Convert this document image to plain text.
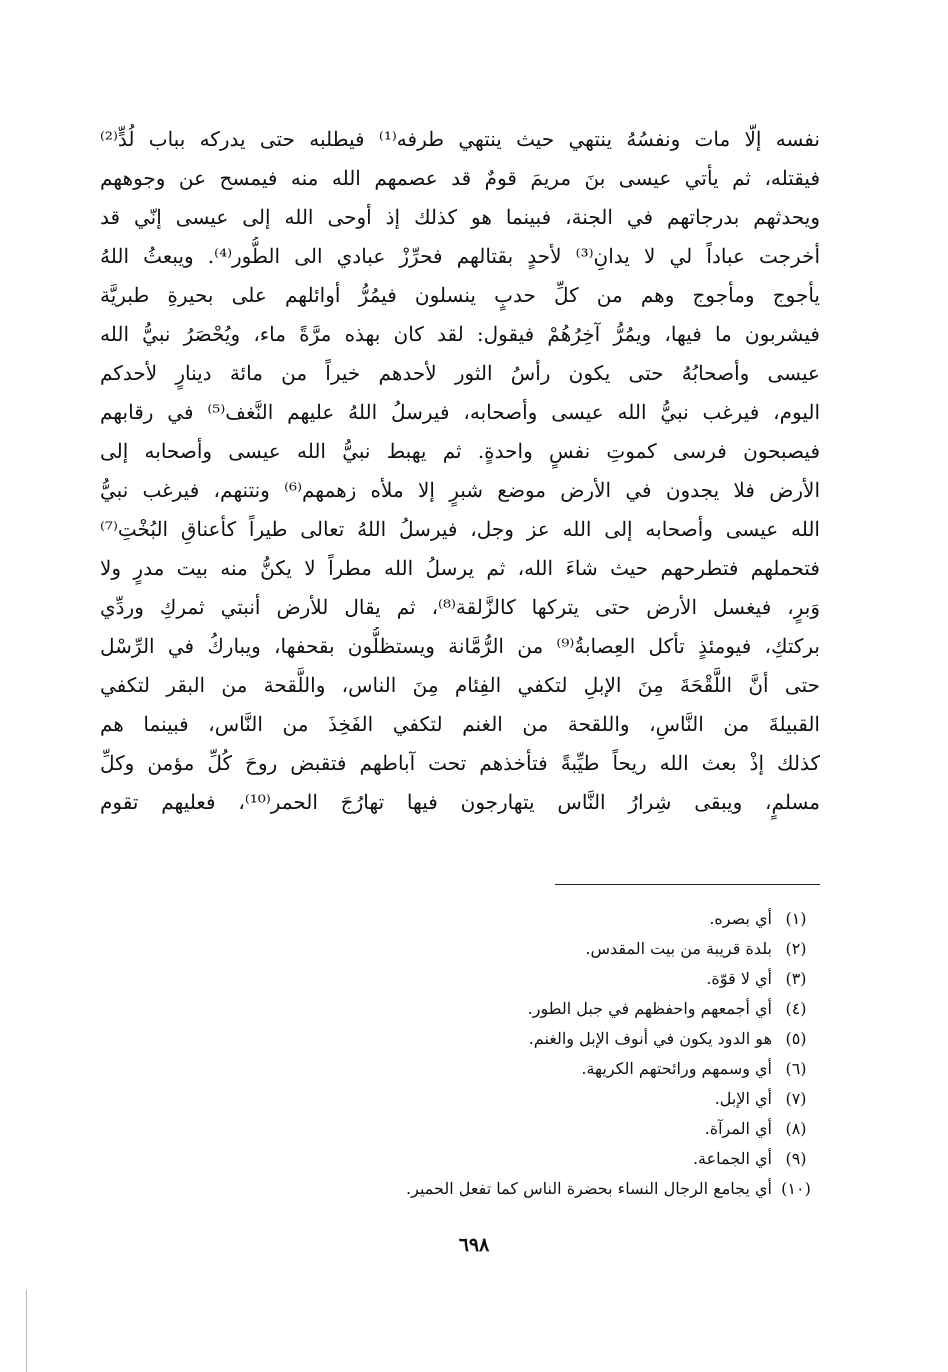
نفسه إلّا مات ونفسُهُ ينتهي حيث ينتهي طرفه⁽¹⁾ فيطلبه حتى يدركه بباب لُدٍّ⁽²⁾
فيقتله، ثم يأتي عيسى بنَ مريمَ قومٌ قد عصمهم الله منه فيمسح عن وجوههم
ويحدثهم بدرجاتهم في الجنة، فبينما هو كذلك إذ أوحى الله إلى عيسى إنّي قد
أخرجت عباداً لي لا يدانِ⁽³⁾ لأحدٍ بقتالهم فحرِّزْ عبادي الى الطُّور⁽⁴⁾. ويبعثُ اللهُ
يأجوج ومأجوج وهم من كلِّ حدبٍ ينسلون فيمُرُّ أوائلهم على بحيرةِ طبريَّة
فيشربون ما فيها، ويمُرُّ آخِرُهُمْ فيقول: لقد كان بهذه مرَّةً ماء، ويُحْصَرُ نبيُّ الله
عيسى وأصحابُهُ حتى يكون رأسُ الثور لأحدهم خيراً من مائة دينارٍ لأحدكم
اليوم، فيرغب نبيُّ الله عيسى وأصحابه، فيرسلُ اللهُ عليهم النَّغف⁽⁵⁾ في رقابهم
فيصبحون فرسى كموتِ نفسٍ واحدةٍ. ثم يهبط نبيُّ الله عيسى وأصحابه إلى
الأرض فلا يجدون في الأرض موضع شبرٍ إلا ملأه زهمهم⁽⁶⁾ ونتنهم، فيرغب نبيُّ
الله عيسى وأصحابه إلى الله عز وجل، فيرسلُ اللهُ تعالى طيراً كأعناقِ البُخْتِ⁽⁷⁾
فتحملهم فتطرحهم حيث شاءَ الله، ثم يرسلُ الله مطراً لا يكنُّ منه بيت مدرٍ ولا
وَبرٍ، فيغسل الأرض حتى يتركها كالزَّلقة⁽⁸⁾، ثم يقال للأرض أنبتي ثمركِ وردِّي
بركتكِ، فيومئذٍ تأكل العِصابةُ⁽⁹⁾ من الرُّمَّانة ويستظلُّون بقحفها، ويباركُ في الرِّسْل
حتى أنَّ اللَّقْحَةَ مِنَ الإبلِ لتكفي الفِئام مِنَ الناس، واللَّقحة من البقر لتكفي
القبيلةَ من النَّاسِ، واللقحة من الغنم لتكفي الفَخِذَ من النَّاس، فبينما هم
كذلك إذْ بعث الله ريحاً طيِّبةً فتأخذهم تحت آباطهم فتقبض روحَ كُلِّ مؤمن وكلِّ
مسلمٍ، ويبقى شِرارُ النَّاس يتهارجون فيها تهارُجَ الحمر⁽¹⁰⁾، فعليهم تقوم
(١)
أي بصره.
(٢)
بلدة قريبة من بيت المقدس.
(٣)
أي لا قوّة.
(٤)
أي أجمعهم واحفظهم في جبل الطور.
(٥)
هو الدود يكون في أنوف الإبل والغنم.
(٦)
أي وسمهم ورائحتهم الكريهة.
(٧)
أي الإبل.
(٨)
أي المرآة.
(٩)
أي الجماعة.
(١٠)
أي يجامع الرجال النساء بحضرة الناس كما تفعل الحمير.
٦٩٨
